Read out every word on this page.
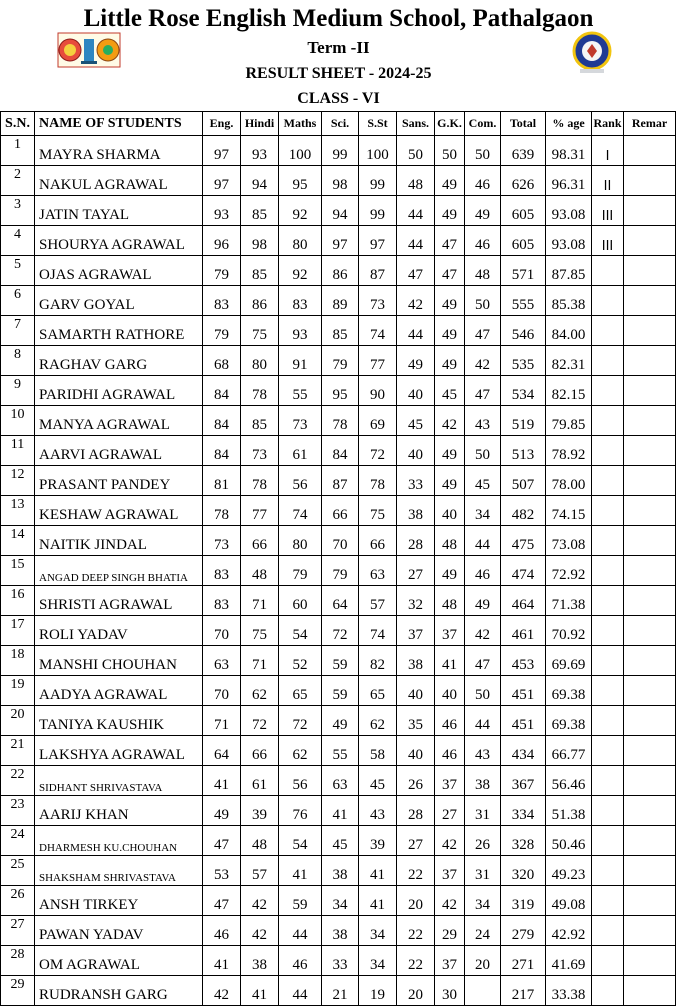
Little Rose English Medium School, Pathalgaon
Term -II
RESULT SHEET - 2024-25
CLASS - VI
S.N.	NAME OF STUDENTS	Eng.	Hindi	Maths	Sci.	S.St	Sans.	G.K.	Com.	Total	% age	Rank	Remar
1	MAYRA SHARMA	97	93	100	99	100	50	50	50	639	98.31	I	
2	NAKUL AGRAWAL	97	94	95	98	99	48	49	46	626	96.31	II	
3	JATIN TAYAL	93	85	92	94	99	44	49	49	605	93.08	III	
4	SHOURYA AGRAWAL	96	98	80	97	97	44	47	46	605	93.08	III	
5	OJAS AGRAWAL	79	85	92	86	87	47	47	48	571	87.85		
6	GARV GOYAL	83	86	83	89	73	42	49	50	555	85.38		
7	SAMARTH RATHORE	79	75	93	85	74	44	49	47	546	84.00		
8	RAGHAV GARG	68	80	91	79	77	49	49	42	535	82.31		
9	PARIDHI AGRAWAL	84	78	55	95	90	40	45	47	534	82.15		
10	MANYA AGRAWAL	84	85	73	78	69	45	42	43	519	79.85		
11	AARVI AGRAWAL	84	73	61	84	72	40	49	50	513	78.92		
12	PRASANT PANDEY	81	78	56	87	78	33	49	45	507	78.00		
13	KESHAW AGRAWAL	78	77	74	66	75	38	40	34	482	74.15		
14	NAITIK JINDAL	73	66	80	70	66	28	48	44	475	73.08		
15	ANGAD DEEP SINGH BHATIA	83	48	79	79	63	27	49	46	474	72.92		
16	SHRISTI AGRAWAL	83	71	60	64	57	32	48	49	464	71.38		
17	ROLI YADAV	70	75	54	72	74	37	37	42	461	70.92		
18	MANSHI CHOUHAN	63	71	52	59	82	38	41	47	453	69.69		
19	AADYA AGRAWAL	70	62	65	59	65	40	40	50	451	69.38		
20	TANIYA KAUSHIK	71	72	72	49	62	35	46	44	451	69.38		
21	LAKSHYA AGRAWAL	64	66	62	55	58	40	46	43	434	66.77		
22	SIDHANT SHRIVASTAVA	41	61	56	63	45	26	37	38	367	56.46		
23	AARIJ KHAN	49	39	76	41	43	28	27	31	334	51.38		
24	DHARMESH KU.CHOUHAN	47	48	54	45	39	27	42	26	328	50.46		
25	SHAKSHAM SHRIVASTAVA	53	57	41	38	41	22	37	31	320	49.23		
26	ANSH TIRKEY	47	42	59	34	41	20	42	34	319	49.08		
27	PAWAN YADAV	46	42	44	38	34	22	29	24	279	42.92		
28	OM AGRAWAL	41	38	46	33	34	22	37	20	271	41.69		
29	RUDRANSH GARG	42	41	44	21	19	20	30		217	33.38		
